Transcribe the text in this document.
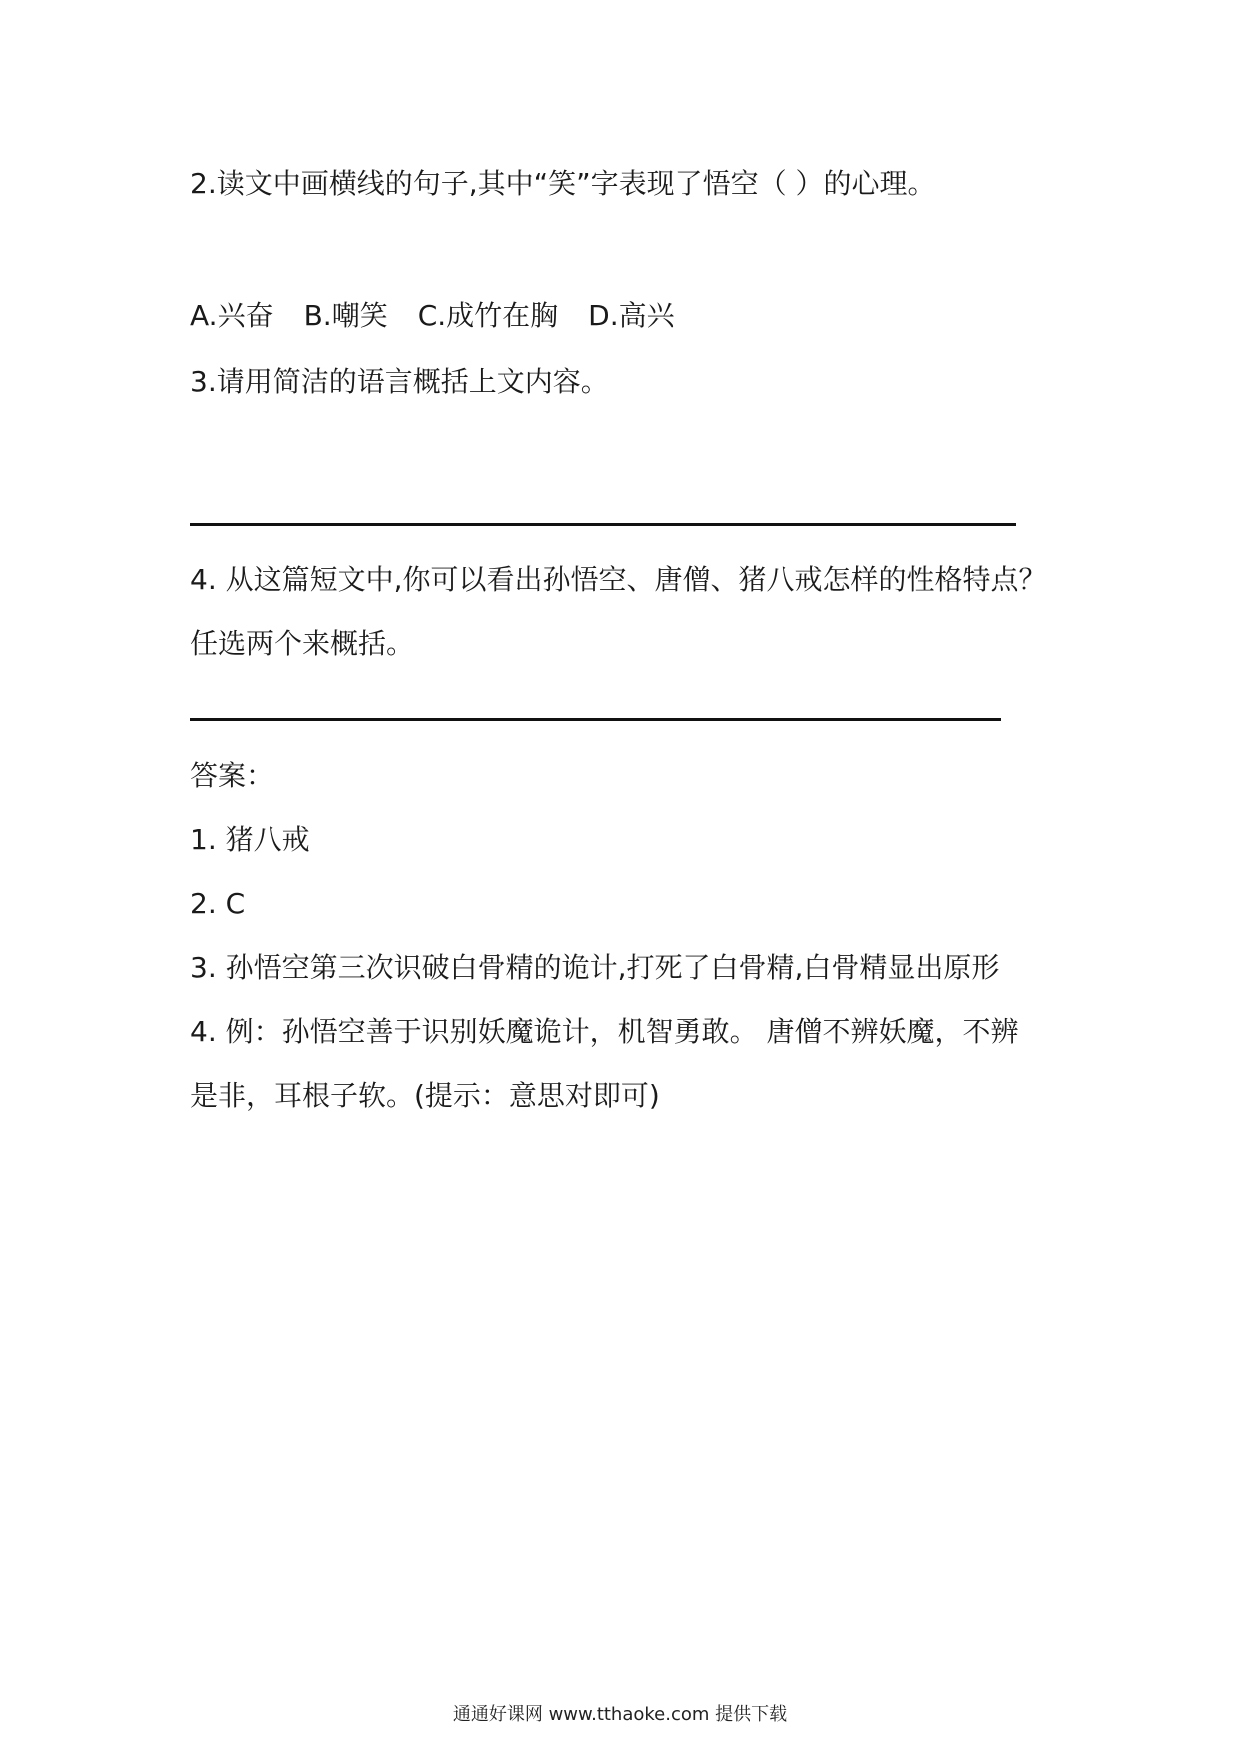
2.读文中画横线的句子,其中“笑”字表现了悟空（ ）的心理。
A.兴奋 B.嘲笑 C.成竹在胸 D.高兴
3.请用简洁的语言概括上文内容。
4. 从这篇短文中,你可以看出孙悟空、唐僧、猪八戒怎样的性格特点？
任选两个来概括。
答案：
1. 猪八戒
2. C
3. 孙悟空第三次识破白骨精的诡计,打死了白骨精,白骨精显出原形
4. 例：孙悟空善于识别妖魔诡计，机智勇敢。 唐僧不辨妖魔，不辨
是非，耳根子软。(提示：意思对即可)
通通好课网 www.tthaoke.com 提供下载
